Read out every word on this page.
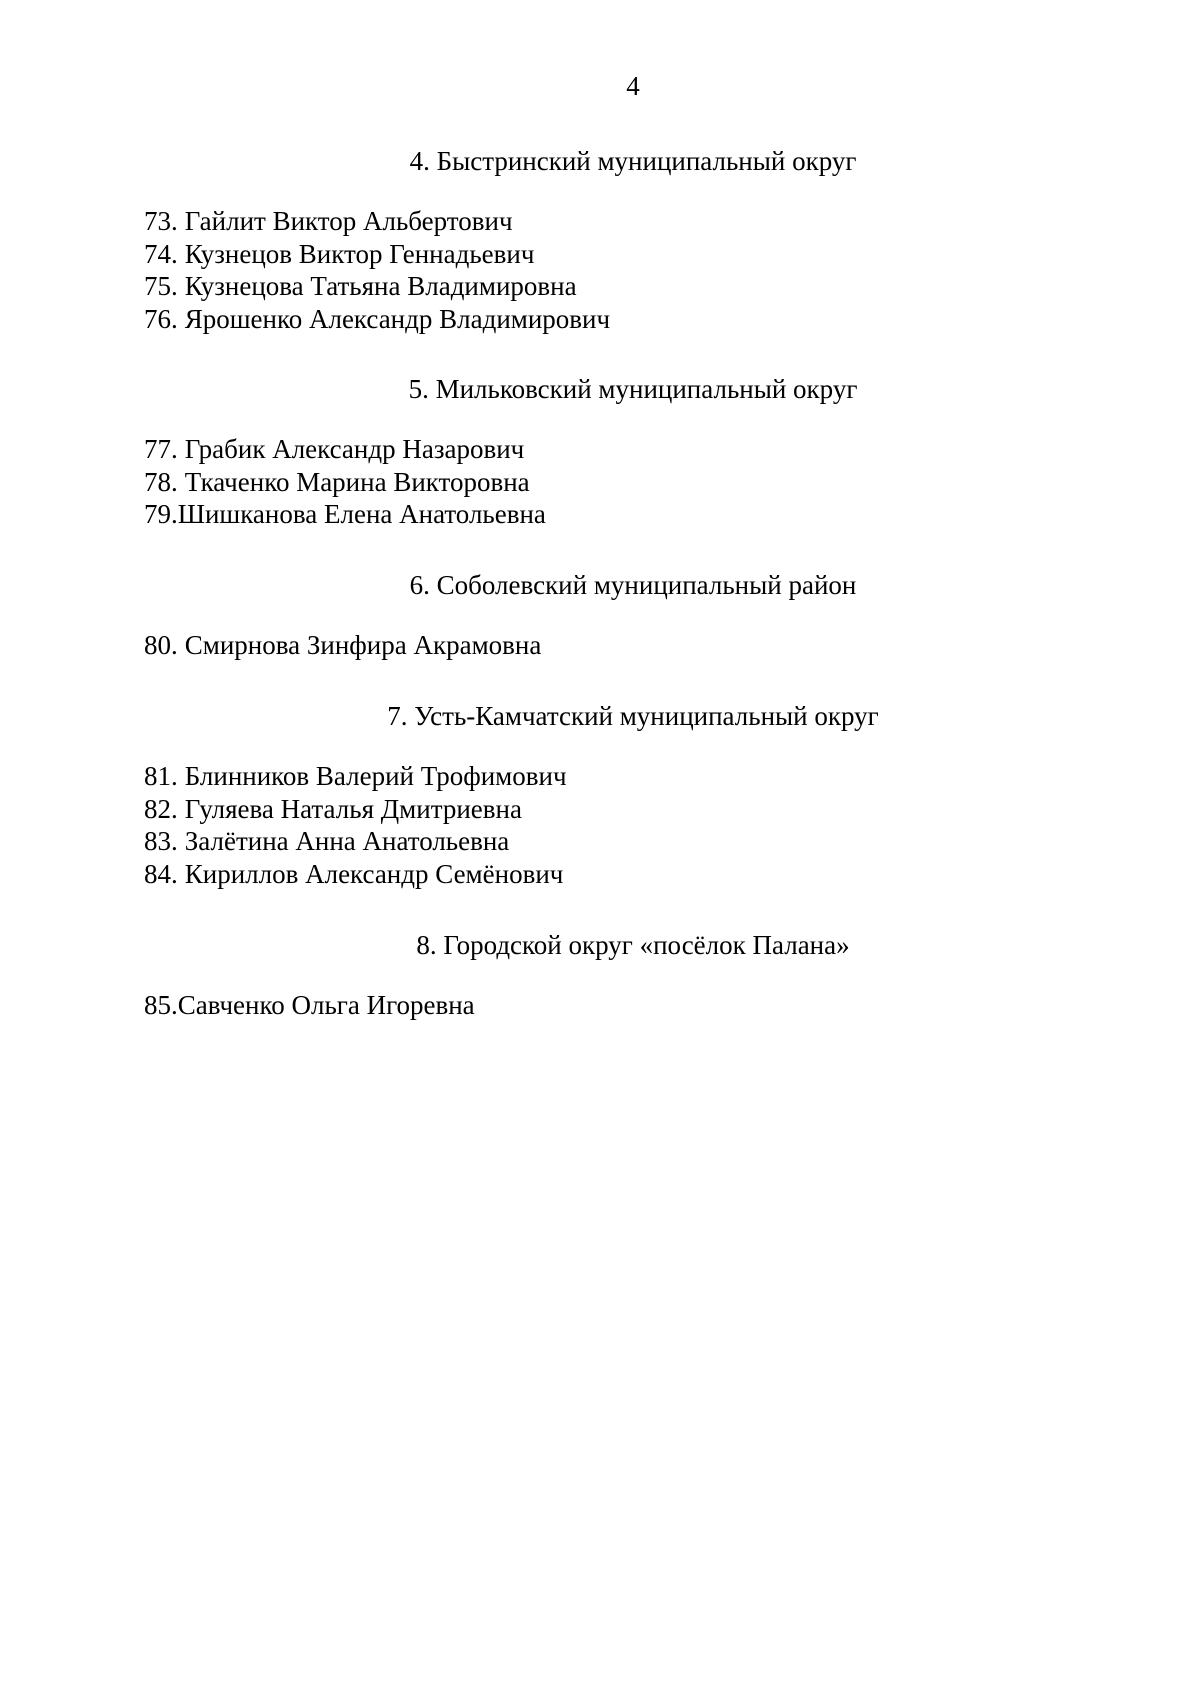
4
4. Быстринский муниципальный округ
73. Гайлит Виктор Альбертович
74. Кузнецов Виктор Геннадьевич
75. Кузнецова Татьяна Владимировна
76. Ярошенко Александр Владимирович
5. Мильковский муниципальный округ
77. Грабик Александр Назарович
78. Ткаченко Марина Викторовна
79.Шишканова Елена Анатольевна
6. Соболевский муниципальный район
80. Смирнова Зинфира Акрамовна
7. Усть-Камчатский муниципальный округ
81. Блинников Валерий Трофимович
82. Гуляева Наталья Дмитриевна
83. Залётина Анна Анатольевна
84. Кириллов Александр Семёнович
8. Городской округ «посёлок Палана»
85.Савченко Ольга Игоревна
